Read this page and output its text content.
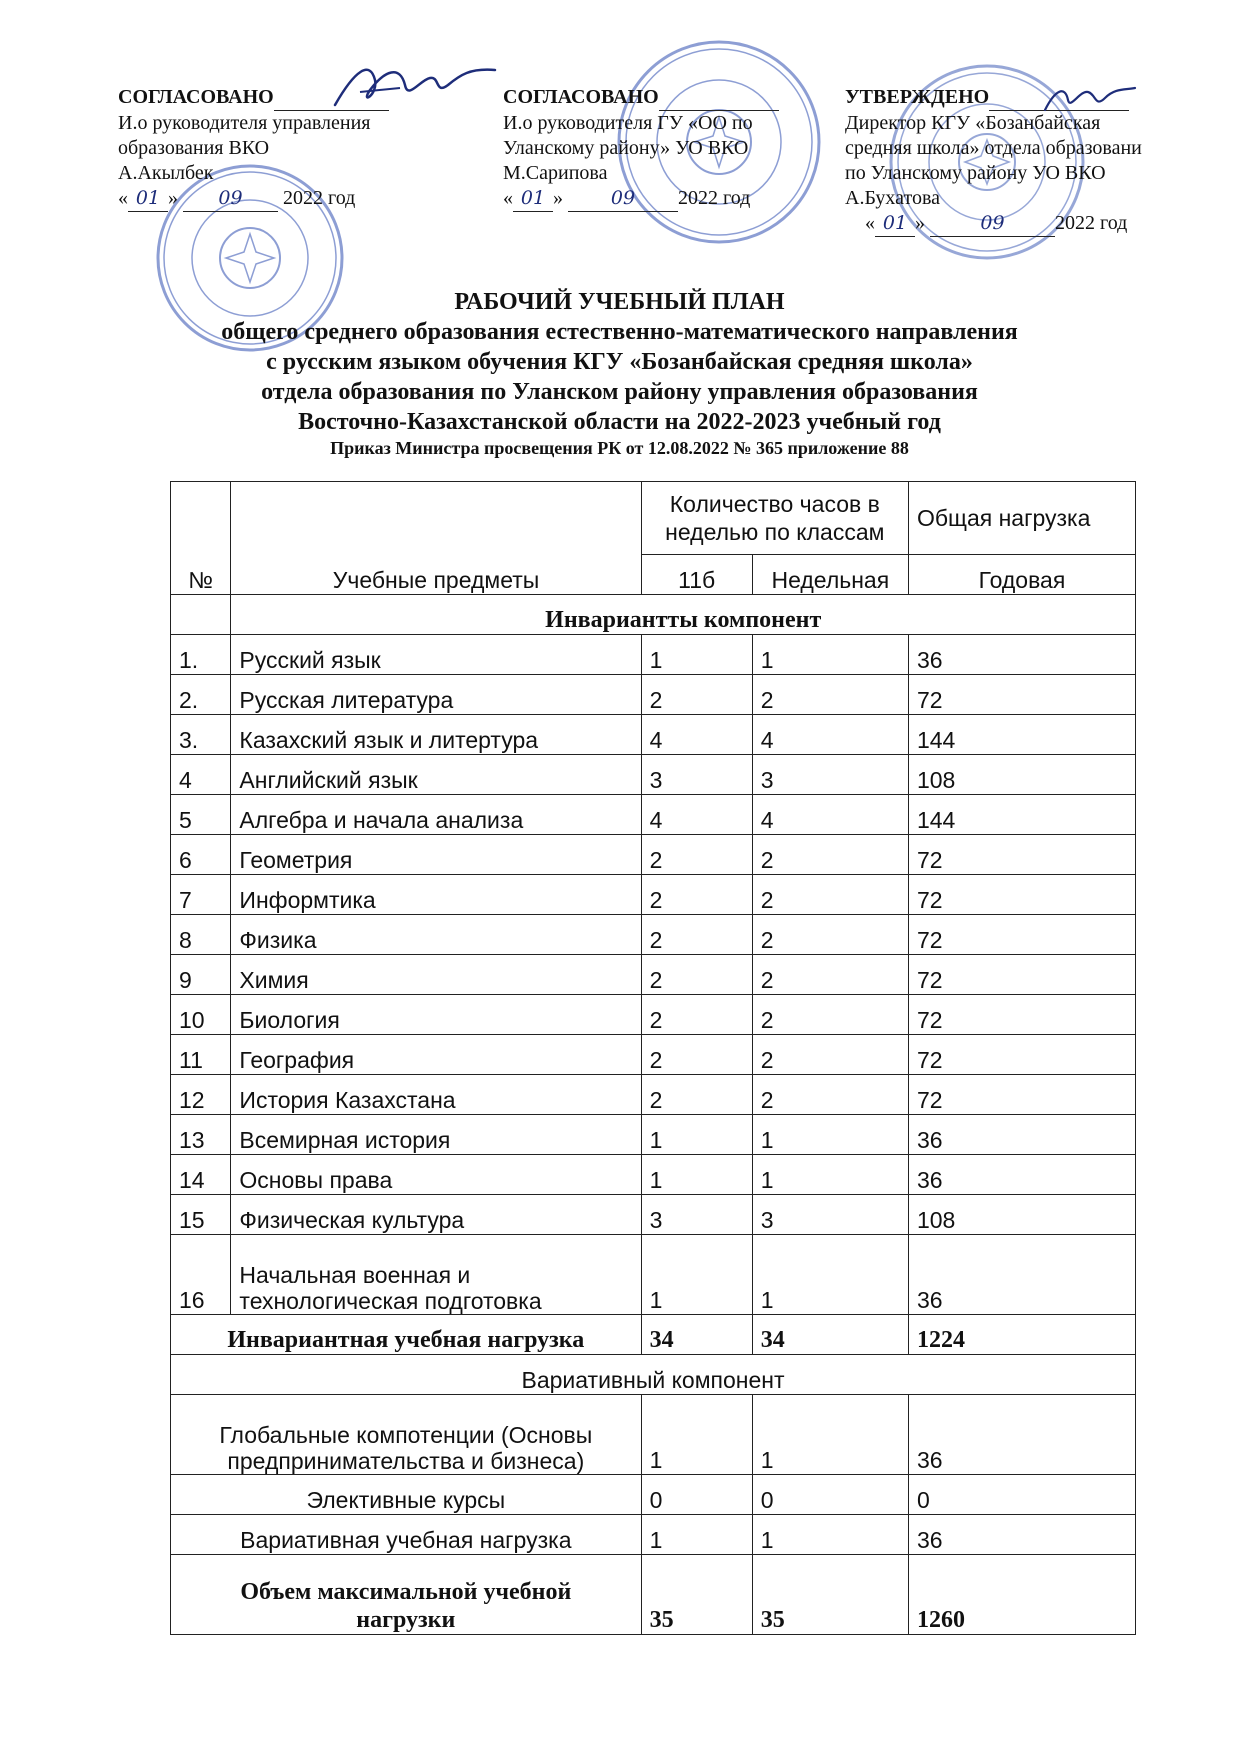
СОГЛАСОВАНО
И.о руководителя управления
образования ВКО
А.Акылбек
« 01 » 09 2022 год
СОГЛАСОВАНО
И.о руководителя ГУ «ОО по
Уланскому району» УО ВКО
М.Сарипова
« 01 »	09 2022 год
УТВЕРЖДЕНО
Директор КГУ «Бозанбайская
средняя школа» отдела образовани
по Уланскому району УО ВКО
А.Бухатова
« 01 »	09	2022 год
РАБОЧИЙ УЧЕБНЫЙ ПЛАН
общего среднего образования естественно-математического направления
с русским языком обучения КГУ «Бозанбайская средняя школа»
отдела образования по Уланском району управления образования
Восточно-Казахстанской области на 2022-2023 учебный год
Приказ Министра просвещения РК от 12.08.2022 № 365 приложение 88
№	Учебные предметы	Количество часов в неделью по классам		Общая нагрузка
		11б	Недельная	Годовая
	Инвариантты компонент			
1.	Русский язык	1	1	36
2.	Русская литература	2	2	72
3.	Казахский язык и литертура	4	4	144
4	Английский язык	3	3	108
5	Алгебра и начала анализа	4	4	144
6	Геометрия	2	2	72
7	Информтика	2	2	72
8	Физика	2	2	72
9	Химия	2	2	72
10	Биология	2	2	72
11	География	2	2	72
12	История Казахстана	2	2	72
13	Всемирная история	1	1	36
14	Основы права	1	1	36
15	Физическая культура	3	3	108
16	Начальная военная и
технологическая подготовка	1	1	36
Инвариантная учебная нагрузка		34	34	1224
Вариативный компонент				

Глобальные компотенции (Основы
предпринимательства и бизнеса)		1	1	36
Элективные курсы		0	0	0
Вариативная учебная нагрузка		1	1	36

Объем максимальной учебной
нагрузки		35	35	1260
